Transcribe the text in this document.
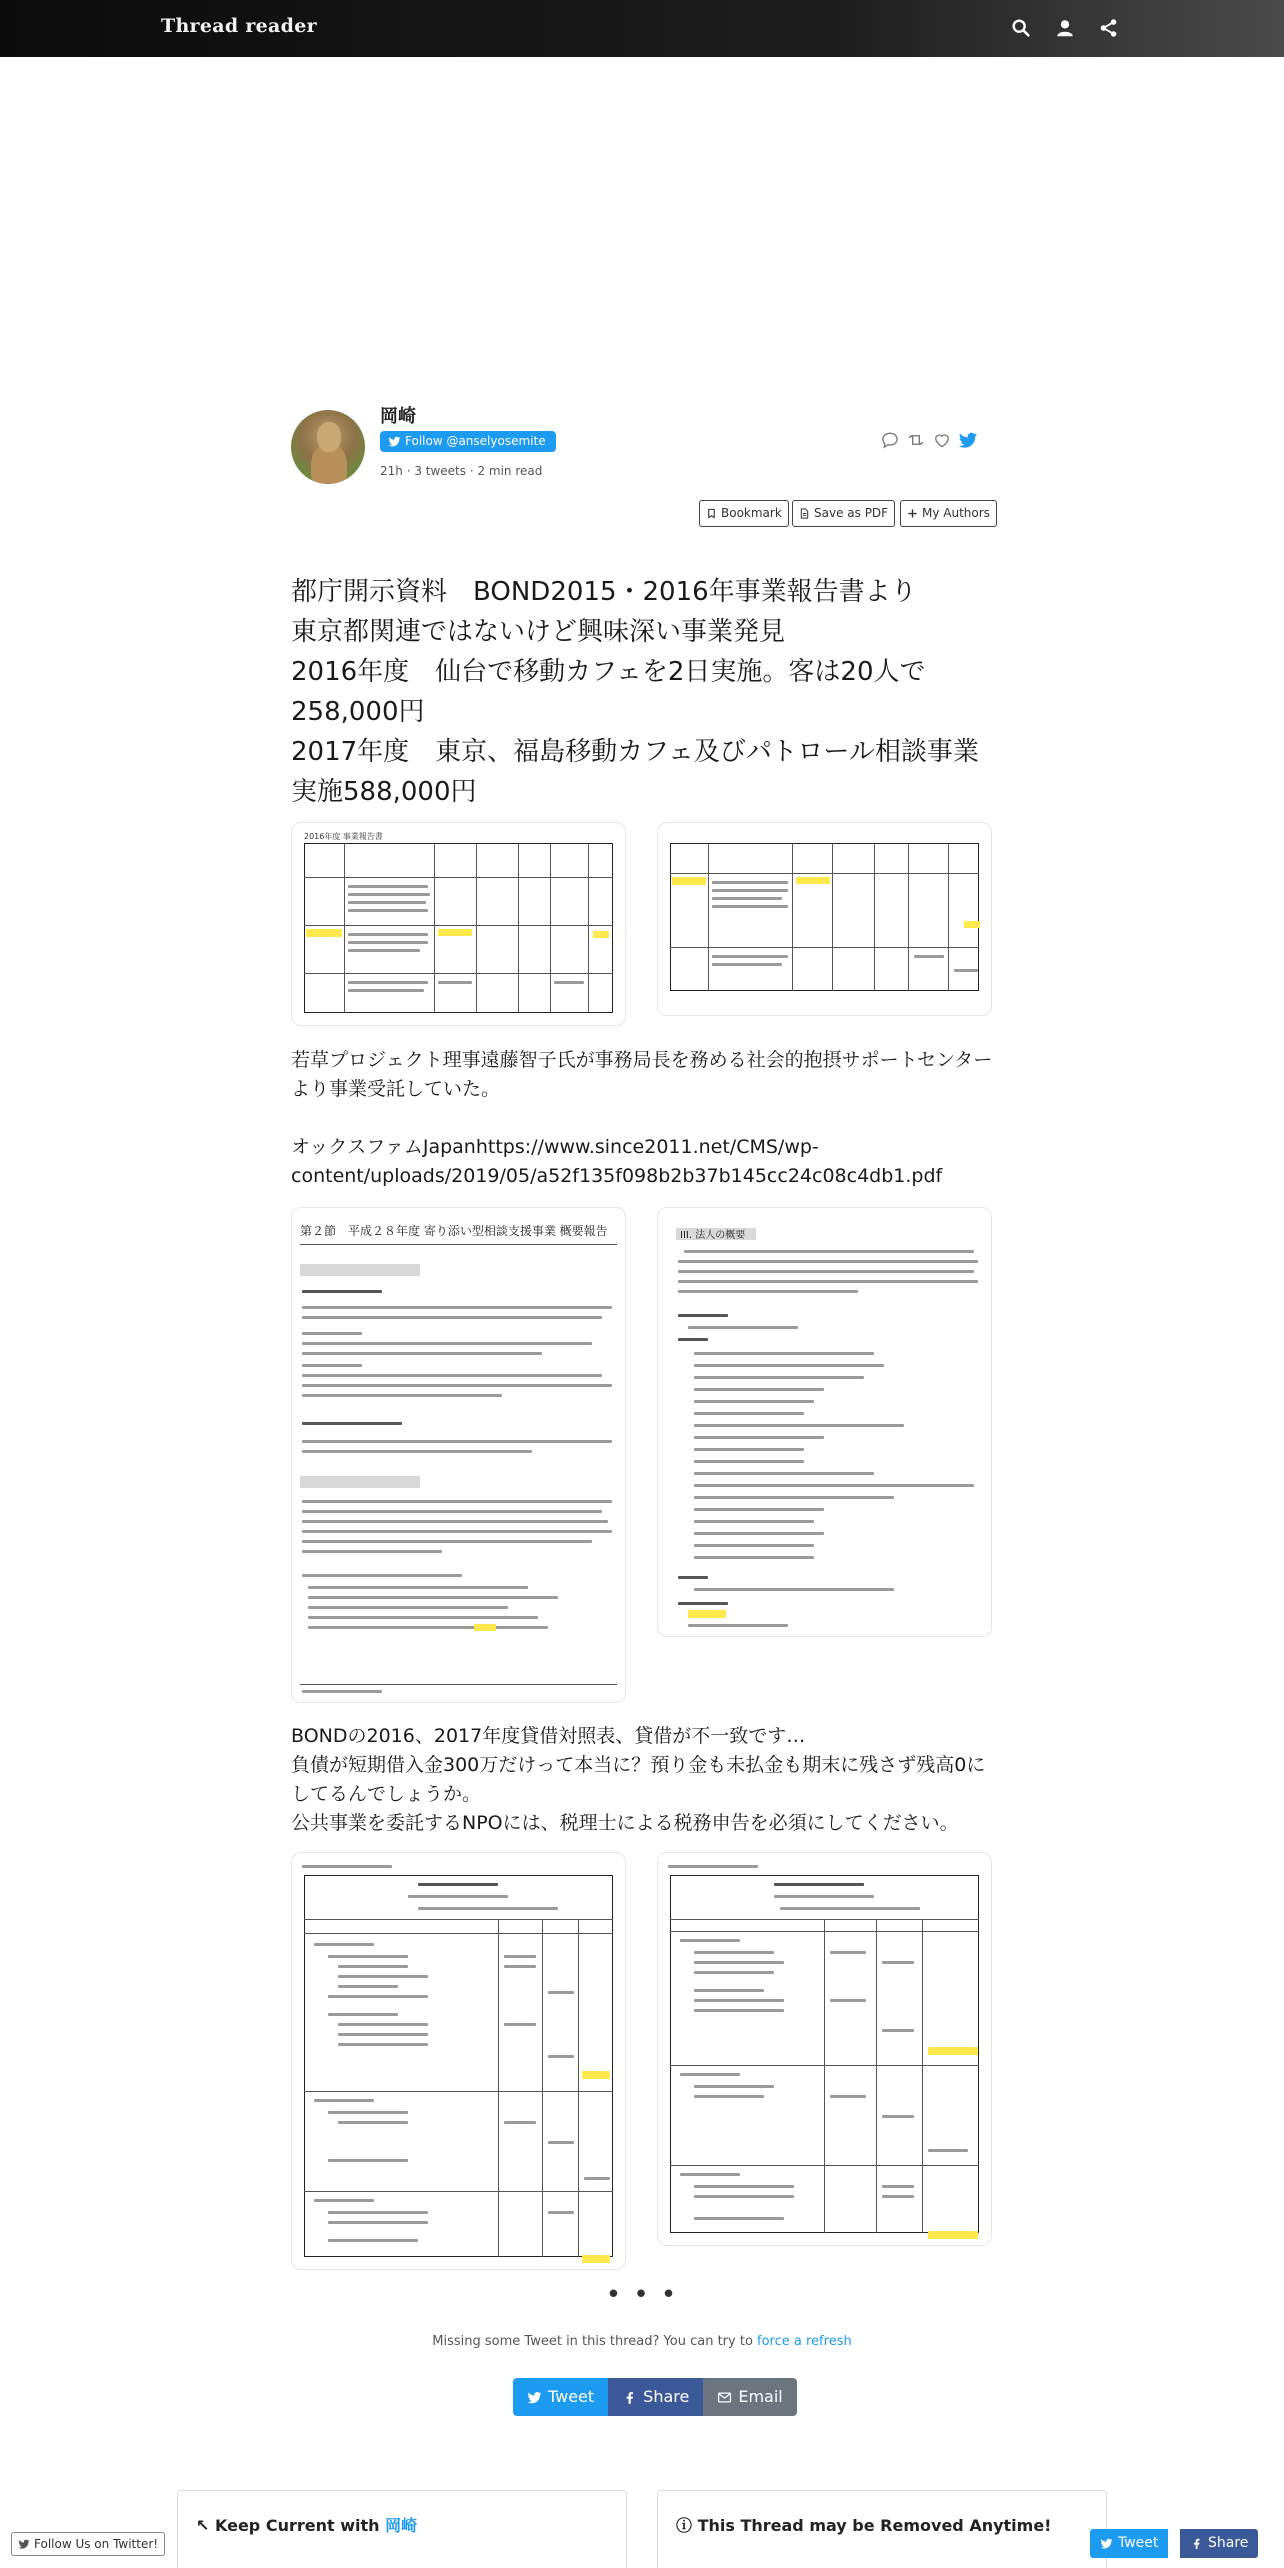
Thread reader
岡崎
Follow @anselyosemite
21h · 3 tweets · 2 min read
Bookmark	Save as PDF	My Authors
都庁開示資料　BOND2015・2016年事業報告書より
東京都関連ではないけど興味深い事業発見
2016年度　仙台で移動カフェを2日実施。客は20人で258,000円
2017年度　東京、福島移動カフェ及びパトロール相談事業実施588,000円
2016年度 事業報告書
若草プロジェクト理事遠藤智子氏が事務局長を務める社会的抱摂サポートセンターより事業受託していた。

オックスファムJapanhttps://www.since2011.net/CMS/wp-content/uploads/2019/05/a52f135f098b2b37b145cc24c08c4db1.pdf
第２節　平成２８年度 寄り添い型相談支援事業 概要報告	III. 法人の概要
BONDの2016、2017年度貸借対照表、貸借が不一致です…
負債が短期借入金300万だけって本当に？預り金も未払金も期末に残さず残高0にしてるんでしょうか。
公共事業を委託するNPOには、税理士による税務申告を必須にしてください。
• • •
Missing some Tweet in this thread? You can try to force a refresh
Tweet	Share	Email
↖ Keep Current with 岡崎	ⓘ This Thread may be Removed Anytime!
Follow Us on Twitter!	Tweet	Share
